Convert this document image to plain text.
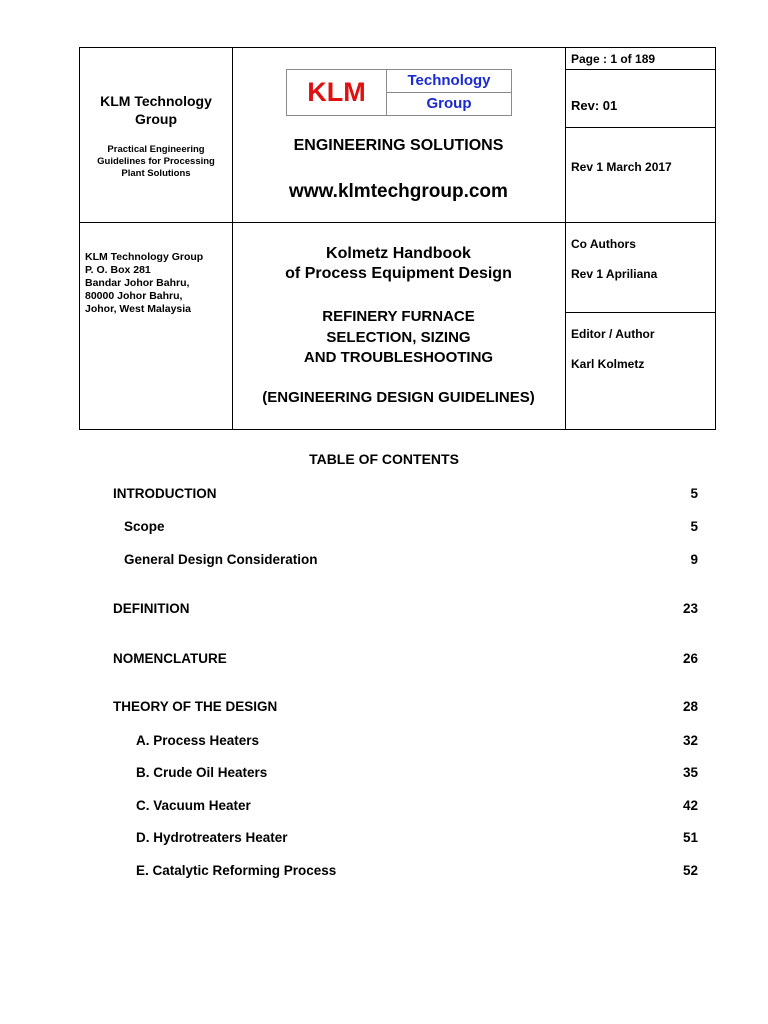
KLM Technology
Group
Practical Engineering
Guidelines for Processing
Plant Solutions
KLM	Technology
Group
ENGINEERING SOLUTIONS
www.klmtechgroup.com
Page : 1 of 189
Rev: 01
Rev 1 March 2017
KLM Technology Group
P. O. Box 281
Bandar Johor Bahru,
80000 Johor Bahru,
Johor, West Malaysia
Kolmetz Handbook
of Process Equipment Design
REFINERY FURNACE
SELECTION, SIZING
AND TROUBLESHOOTING
(ENGINEERING DESIGN GUIDELINES)
Co Authors
Rev 1 Apriliana
Editor / Author
Karl Kolmetz
TABLE OF CONTENTS
INTRODUCTION	5
Scope	5
General Design Consideration	9
DEFINITION	23
NOMENCLATURE	26
THEORY OF THE DESIGN	28
A. Process Heaters	32
B. Crude Oil Heaters	35
C. Vacuum Heater	42
D. Hydrotreaters Heater	51
E. Catalytic Reforming Process	52
